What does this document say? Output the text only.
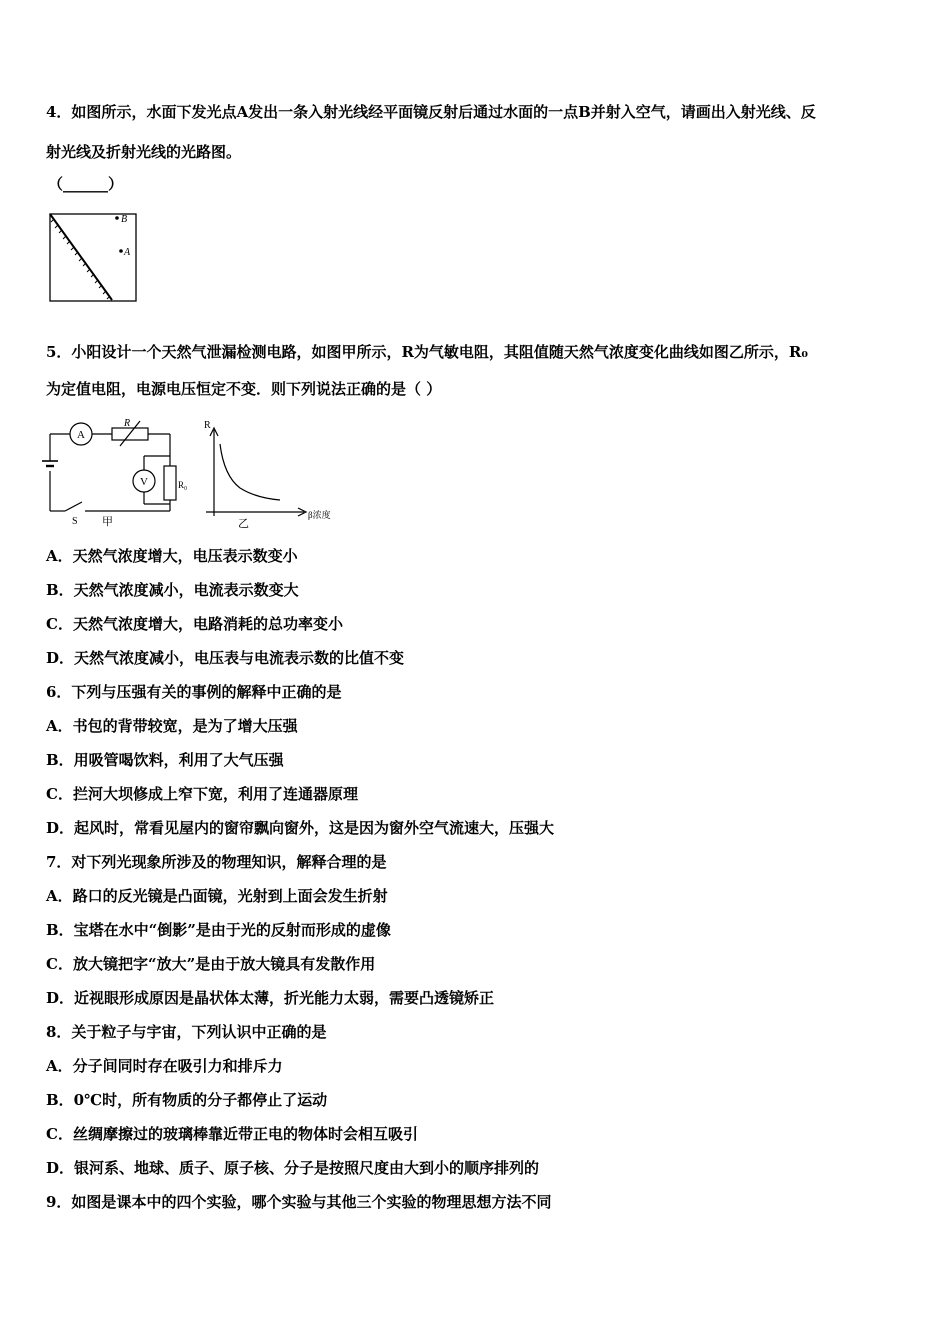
4．如图所示，水面下发光点A发出一条入射光线经平面镜反射后通过水面的一点B并射入空气，请画出入射光线、反
射光线及折射光线的光路图。
（______）
B
A
5．小阳设计一个天然气泄漏检测电路，如图甲所示，R为气敏电阻，其阻值随天然气浓度变化曲线如图乙所示，R₀
为定值电阻，电源电压恒定不变．则下列说法正确的是（ ）
A
R
V	R₀
S 甲
R
β浓度
乙
A．天然气浓度增大，电压表示数变小
B．天然气浓度减小，电流表示数变大
C．天然气浓度增大，电路消耗的总功率变小
D．天然气浓度减小，电压表与电流表示数的比值不变
6．下列与压强有关的事例的解释中正确的是
A．书包的背带较宽，是为了增大压强
B．用吸管喝饮料，利用了大气压强
C．拦河大坝修成上窄下宽，利用了连通器原理
D．起风时，常看见屋内的窗帘飘向窗外，这是因为窗外空气流速大，压强大
7．对下列光现象所涉及的物理知识，解释合理的是
A．路口的反光镜是凸面镜，光射到上面会发生折射
B．宝塔在水中“倒影”是由于光的反射而形成的虚像
C．放大镜把字“放大”是由于放大镜具有发散作用
D．近视眼形成原因是晶状体太薄，折光能力太弱，需要凸透镜矫正
8．关于粒子与宇宙，下列认识中正确的是
A．分子间同时存在吸引力和排斥力
B．0℃时，所有物质的分子都停止了运动
C．丝绸摩擦过的玻璃棒靠近带正电的物体时会相互吸引
D．银河系、地球、质子、原子核、分子是按照尺度由大到小的顺序排列的
9．如图是课本中的四个实验，哪个实验与其他三个实验的物理思想方法不同
